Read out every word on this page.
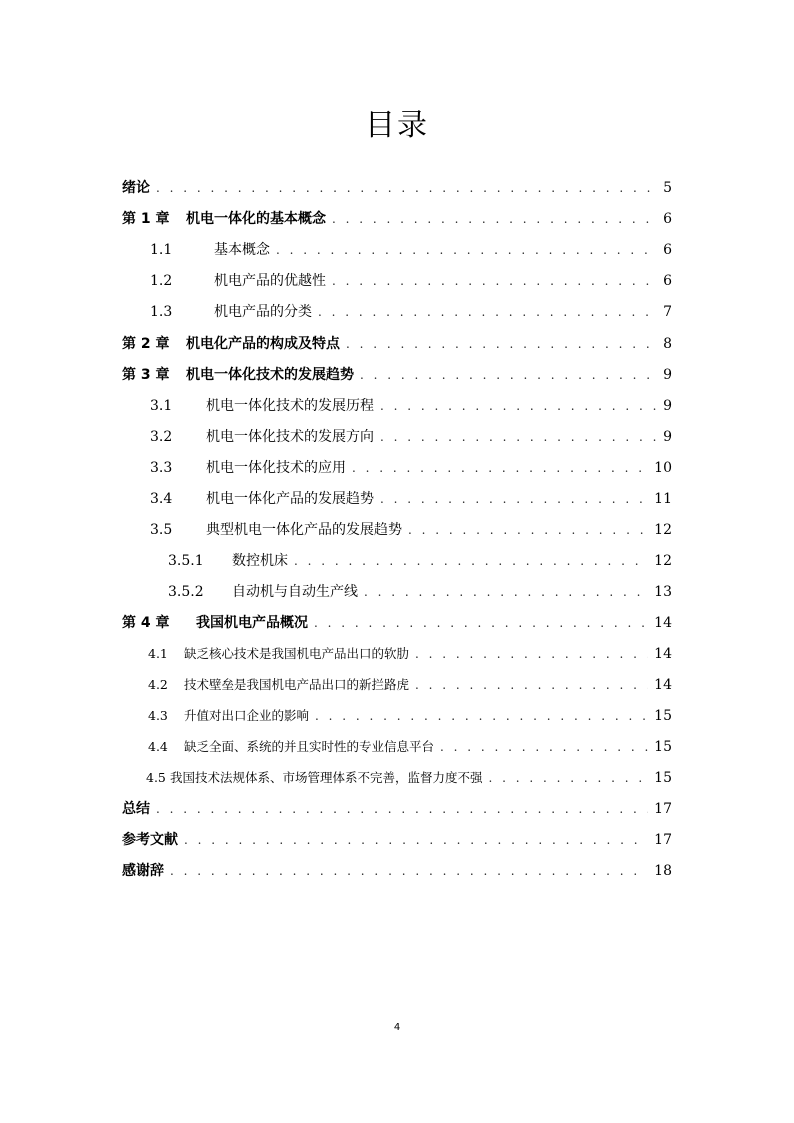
目录
绪论 . . .	5
第 1 章	机电一体化的基本概念 . . .	6
1.1	基本概念 . . .	6
1.2	机电产品的优越性 . . .	6
1.3	机电产品的分类 . . .	7
第 2 章	机电化产品的构成及特点 . . .	8
第 3 章	机电一体化技术的发展趋势 . . .	9
3.1	机电一体化技术的发展历程 . . .	9
3.2	机电一体化技术的发展方向 . . .	9
3.3	机电一体化技术的应用 . . .	10
3.4	机电一体化产品的发展趋势 . . .	11
3.5	典型机电一体化产品的发展趋势 . . .	12
3.5.1	数控机床 . . .	12
3.5.2	自动机与自动生产线 . . .	13
第 4 章	我国机电产品概况 . . .	14
4.1	缺乏核心技术是我国机电产品出口的软肋 . . .	14
4.2	技术壁垒是我国机电产品出口的新拦路虎 . . .	14
4.3	升值对出口企业的影响 . . .	15
4.4	缺乏全面、系统的并且实时性的专业信息平台 . . .	15
4.5 我国技术法规体系、市场管理体系不完善，监督力度不强 . . .	15
总结 . . .	17
参考文献 . . .	17
感谢辞 . . .	18
4
